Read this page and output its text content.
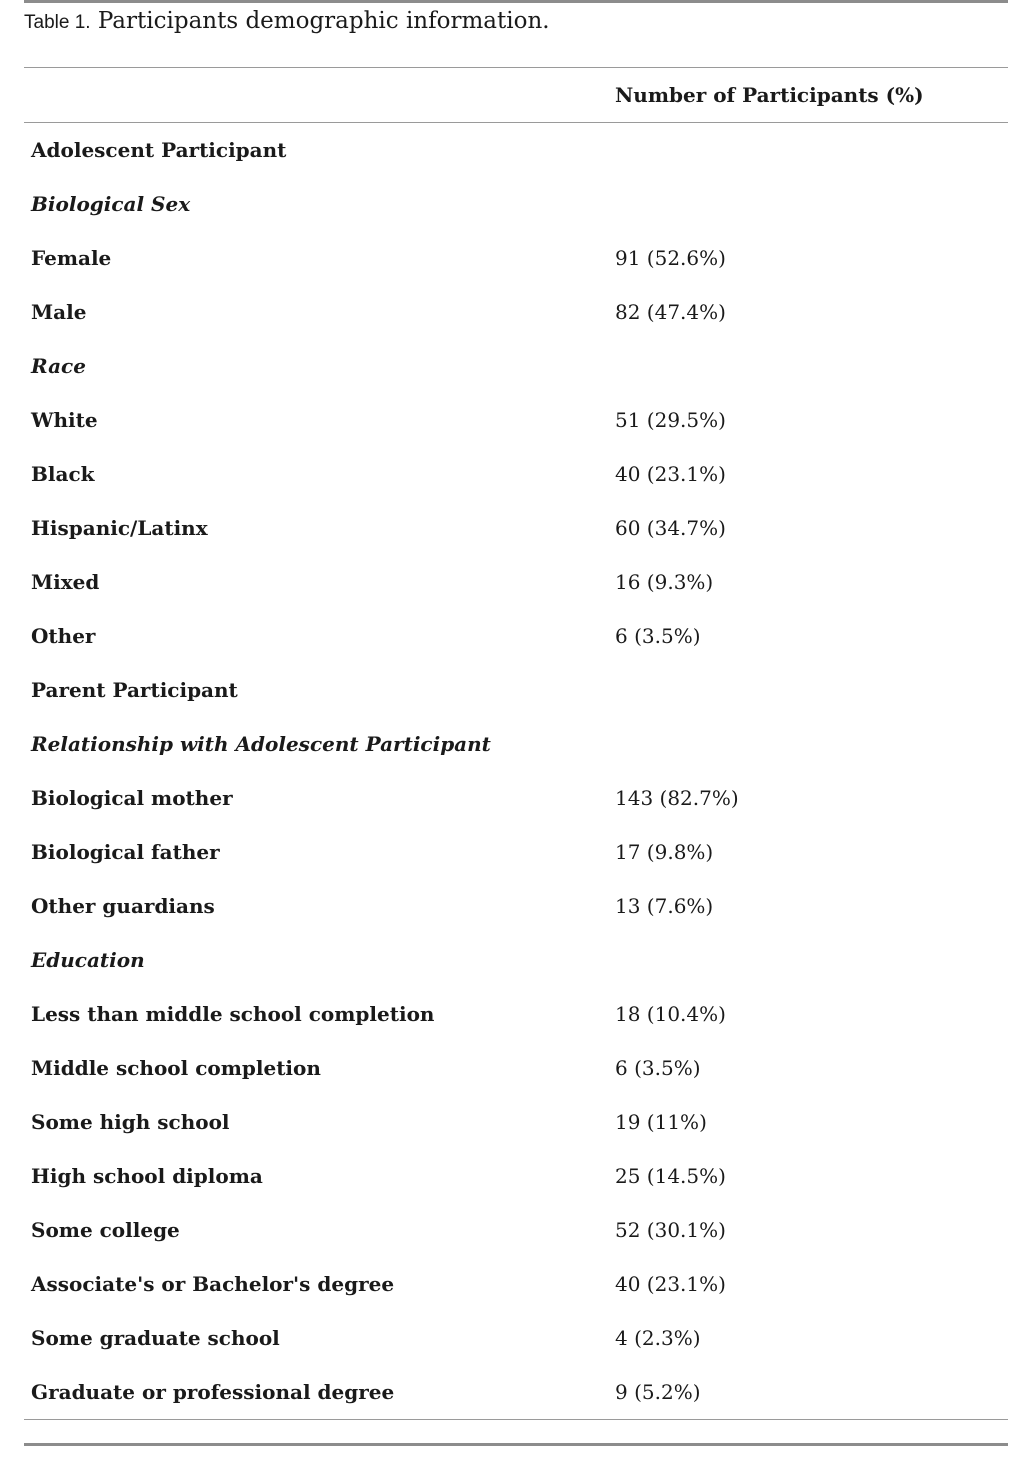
Table 1. Participants demographic information.
	Number of Participants (%)
Adolescent Participant	
Biological Sex	
Female	91 (52.6%)
Male	82 (47.4%)
Race	
White	51 (29.5%)
Black	40 (23.1%)
Hispanic/Latinx	60 (34.7%)
Mixed	16 (9.3%)
Other	6 (3.5%)
Parent Participant	
Relationship with Adolescent Participant	
Biological mother	143 (82.7%)
Biological father	17 (9.8%)
Other guardians	13 (7.6%)
Education	
Less than middle school completion	18 (10.4%)
Middle school completion	6 (3.5%)
Some high school	19 (11%)
High school diploma	25 (14.5%)
Some college	52 (30.1%)
Associate's or Bachelor's degree	40 (23.1%)
Some graduate school	4 (2.3%)
Graduate or professional degree	9 (5.2%)
